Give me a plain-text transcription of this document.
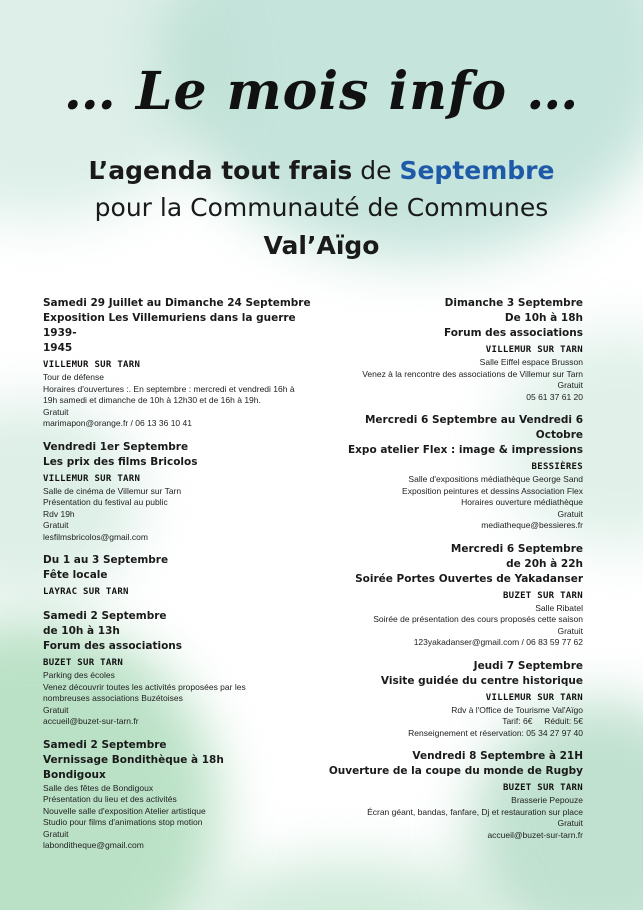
… Le mois info …
L’agenda tout frais de Septembre
pour la Communauté de Communes
Val’Aïgo
Samedi 29 Juillet au Dimanche 24 Septembre
Exposition Les Villemuriens dans la guerre 1939-
1945
VILLEMUR SUR TARN
Tour de défense
Horaires d'ouvertures :. En septembre : mercredi et vendredi 16h à
19h samedi et dimanche de 10h à 12h30 et de 16h à 19h.
Gratuit
marimapon@orange.fr / 06 13 36 10 41
Vendredi 1er Septembre
Les prix des films Bricolos
VILLEMUR SUR TARN
Salle de cinéma de Villemur sur Tarn
Présentation du festival au public
Rdv 19h
Gratuit
lesfilmsbricolos@gmail.com
Du 1 au 3 Septembre
Fête locale
LAYRAC SUR TARN
Samedi 2 Septembre
de 10h à 13h
Forum des associations
BUZET SUR TARN
Parking des écoles
Venez découvrir toutes les activités proposées par les
nombreuses associations Buzétoises
Gratuit
accueil@buzet-sur-tarn.fr
Samedi 2 Septembre
Vernissage Bondithèque à 18h
Bondigoux
Salle des fêtes de Bondigoux
Présentation du lieu et des activités
Nouvelle salle d'exposition Atelier artistique
Studio pour films d'animations stop motion
Gratuit
labonditheque@gmail.com
Dimanche 3 Septembre
De 10h à 18h
Forum des associations
VILLEMUR SUR TARN
Salle Eiffel espace Brusson
Venez à la rencontre des associations de Villemur sur Tarn
Gratuit
05 61 37 61 20
Mercredi 6 Septembre au Vendredi 6 Octobre
Expo atelier Flex : image & impressions
BESSIÈRES
Salle d'expositions médiathèque George Sand
Exposition peintures et dessins Association Flex
Horaires ouverture médiathèque
Gratuit
mediatheque@bessieres.fr
Mercredi 6 Septembre
de 20h à 22h
Soirée Portes Ouvertes de Yakadanser
BUZET SUR TARN
Salle Ribatel
Soirée de présentation des cours proposés cette saison
Gratuit
123yakadanser@gmail.com / 06 83 59 77 62
Jeudi 7 Septembre
Visite guidée du centre historique
VILLEMUR SUR TARN
Rdv à l'Office de Tourisme Val'Aïgo
Tarif: 6€     Réduit: 5€
Renseignement et réservation: 05 34 27 97 40
Vendredi 8 Septembre à 21H
Ouverture de la coupe du monde de Rugby
BUZET SUR TARN
Brasserie Pepouze
Écran géant, bandas, fanfare, Dj et restauration sur place
Gratuit
accueil@buzet-sur-tarn.fr
